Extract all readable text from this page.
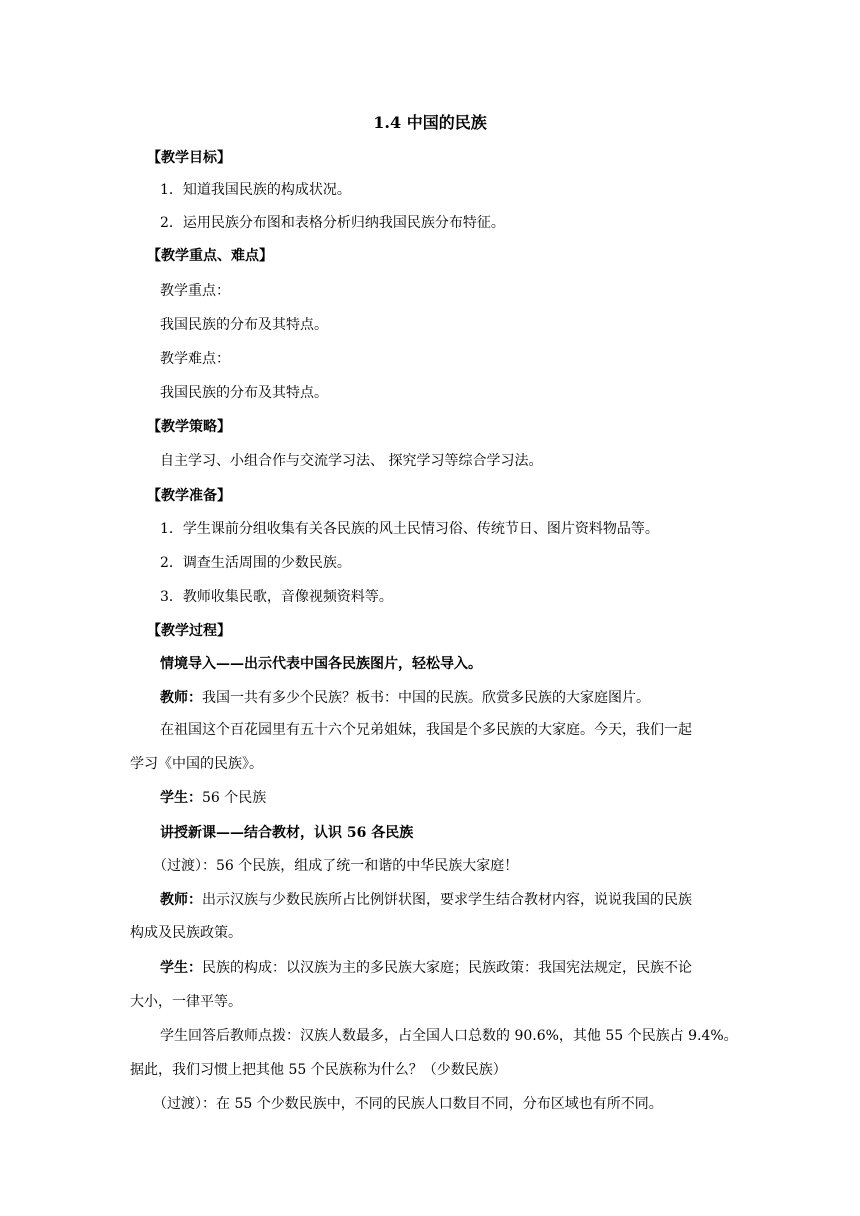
1.4 中国的民族
【教学目标】
1．知道我国民族的构成状况。
2．运用民族分布图和表格分析归纳我国民族分布特征。
【教学重点、难点】
教学重点：
我国民族的分布及其特点。
教学难点：
我国民族的分布及其特点。
【教学策略】
自主学习、小组合作与交流学习法、 探究学习等综合学习法。
【教学准备】
1．学生课前分组收集有关各民族的风土民情习俗、传统节日、图片资料物品等。
2．调查生活周围的少数民族。
3．教师收集民歌，音像视频资料等。
【教学过程】
情境导入——出示代表中国各民族图片，轻松导入。
教师：我国一共有多少个民族？板书：中国的民族。欣赏多民族的大家庭图片。
在祖国这个百花园里有五十六个兄弟姐妹，我国是个多民族的大家庭。今天，我们一起
学习《中国的民族》。
学生：56 个民族
讲授新课——结合教材，认识 56 各民族
（过渡）：56 个民族，组成了统一和谐的中华民族大家庭！
教师：出示汉族与少数民族所占比例饼状图，要求学生结合教材内容，说说我国的民族
构成及民族政策。
学生：民族的构成：以汉族为主的多民族大家庭；民族政策：我国宪法规定，民族不论
大小，一律平等。
学生回答后教师点拨：汉族人数最多，占全国人口总数的 90.6%，其他 55 个民族占 9.4%。
据此，我们习惯上把其他 55 个民族称为什么？（少数民族）
（过渡）：在 55 个少数民族中，不同的民族人口数目不同，分布区域也有所不同。
